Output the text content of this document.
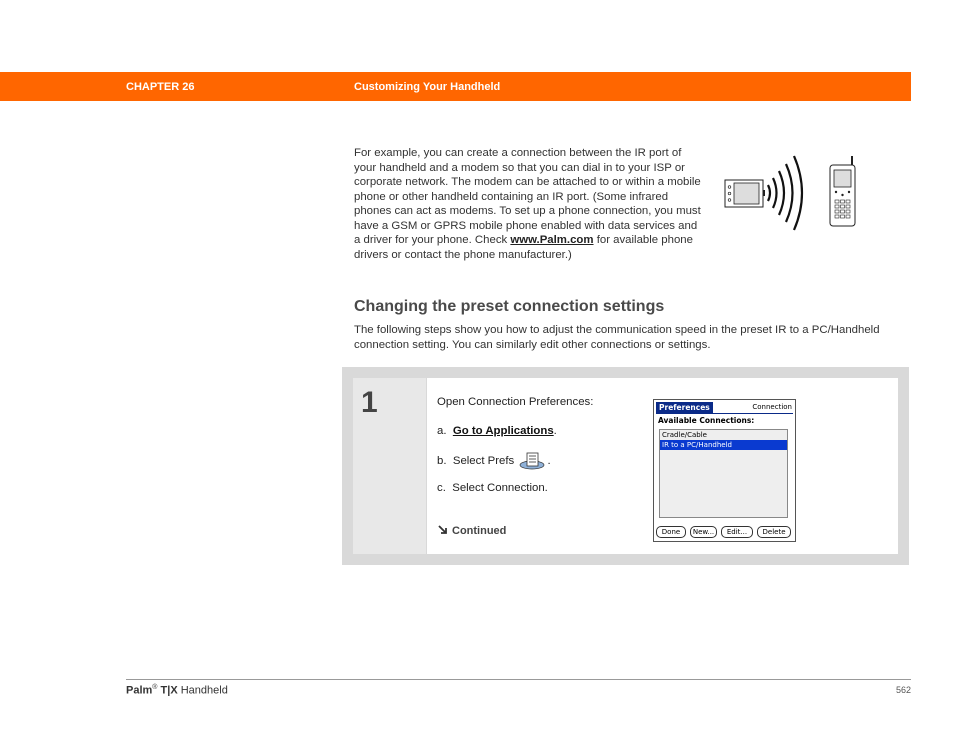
CHAPTER 26	Customizing Your Handheld
For example, you can create a connection between the IR port of your handheld and a modem so that you can dial in to your ISP or corporate network. The modem can be attached to or within a mobile phone or other handheld containing an IR port. (Some infrared phones can act as modems. To set up a phone connection, you must have a GSM or GPRS mobile phone enabled with data services and a driver for your phone. Check www.Palm.com for available phone drivers or contact the phone manufacturer.)
Changing the preset connection settings
The following steps show you how to adjust the communication speed in the preset IR to a PC/Handheld connection setting. You can similarly edit other connections or settings.
1	Open Connection Preferences:
a. Go to Applications.
b. Select Prefs	.
c. Select Connection.
Continued
Preferences	Connection
Available Connections:
Cradle/Cable
IR to a PC/Handheld
Done	New...	Edit...	Delete
Palm® T|X Handheld	562
